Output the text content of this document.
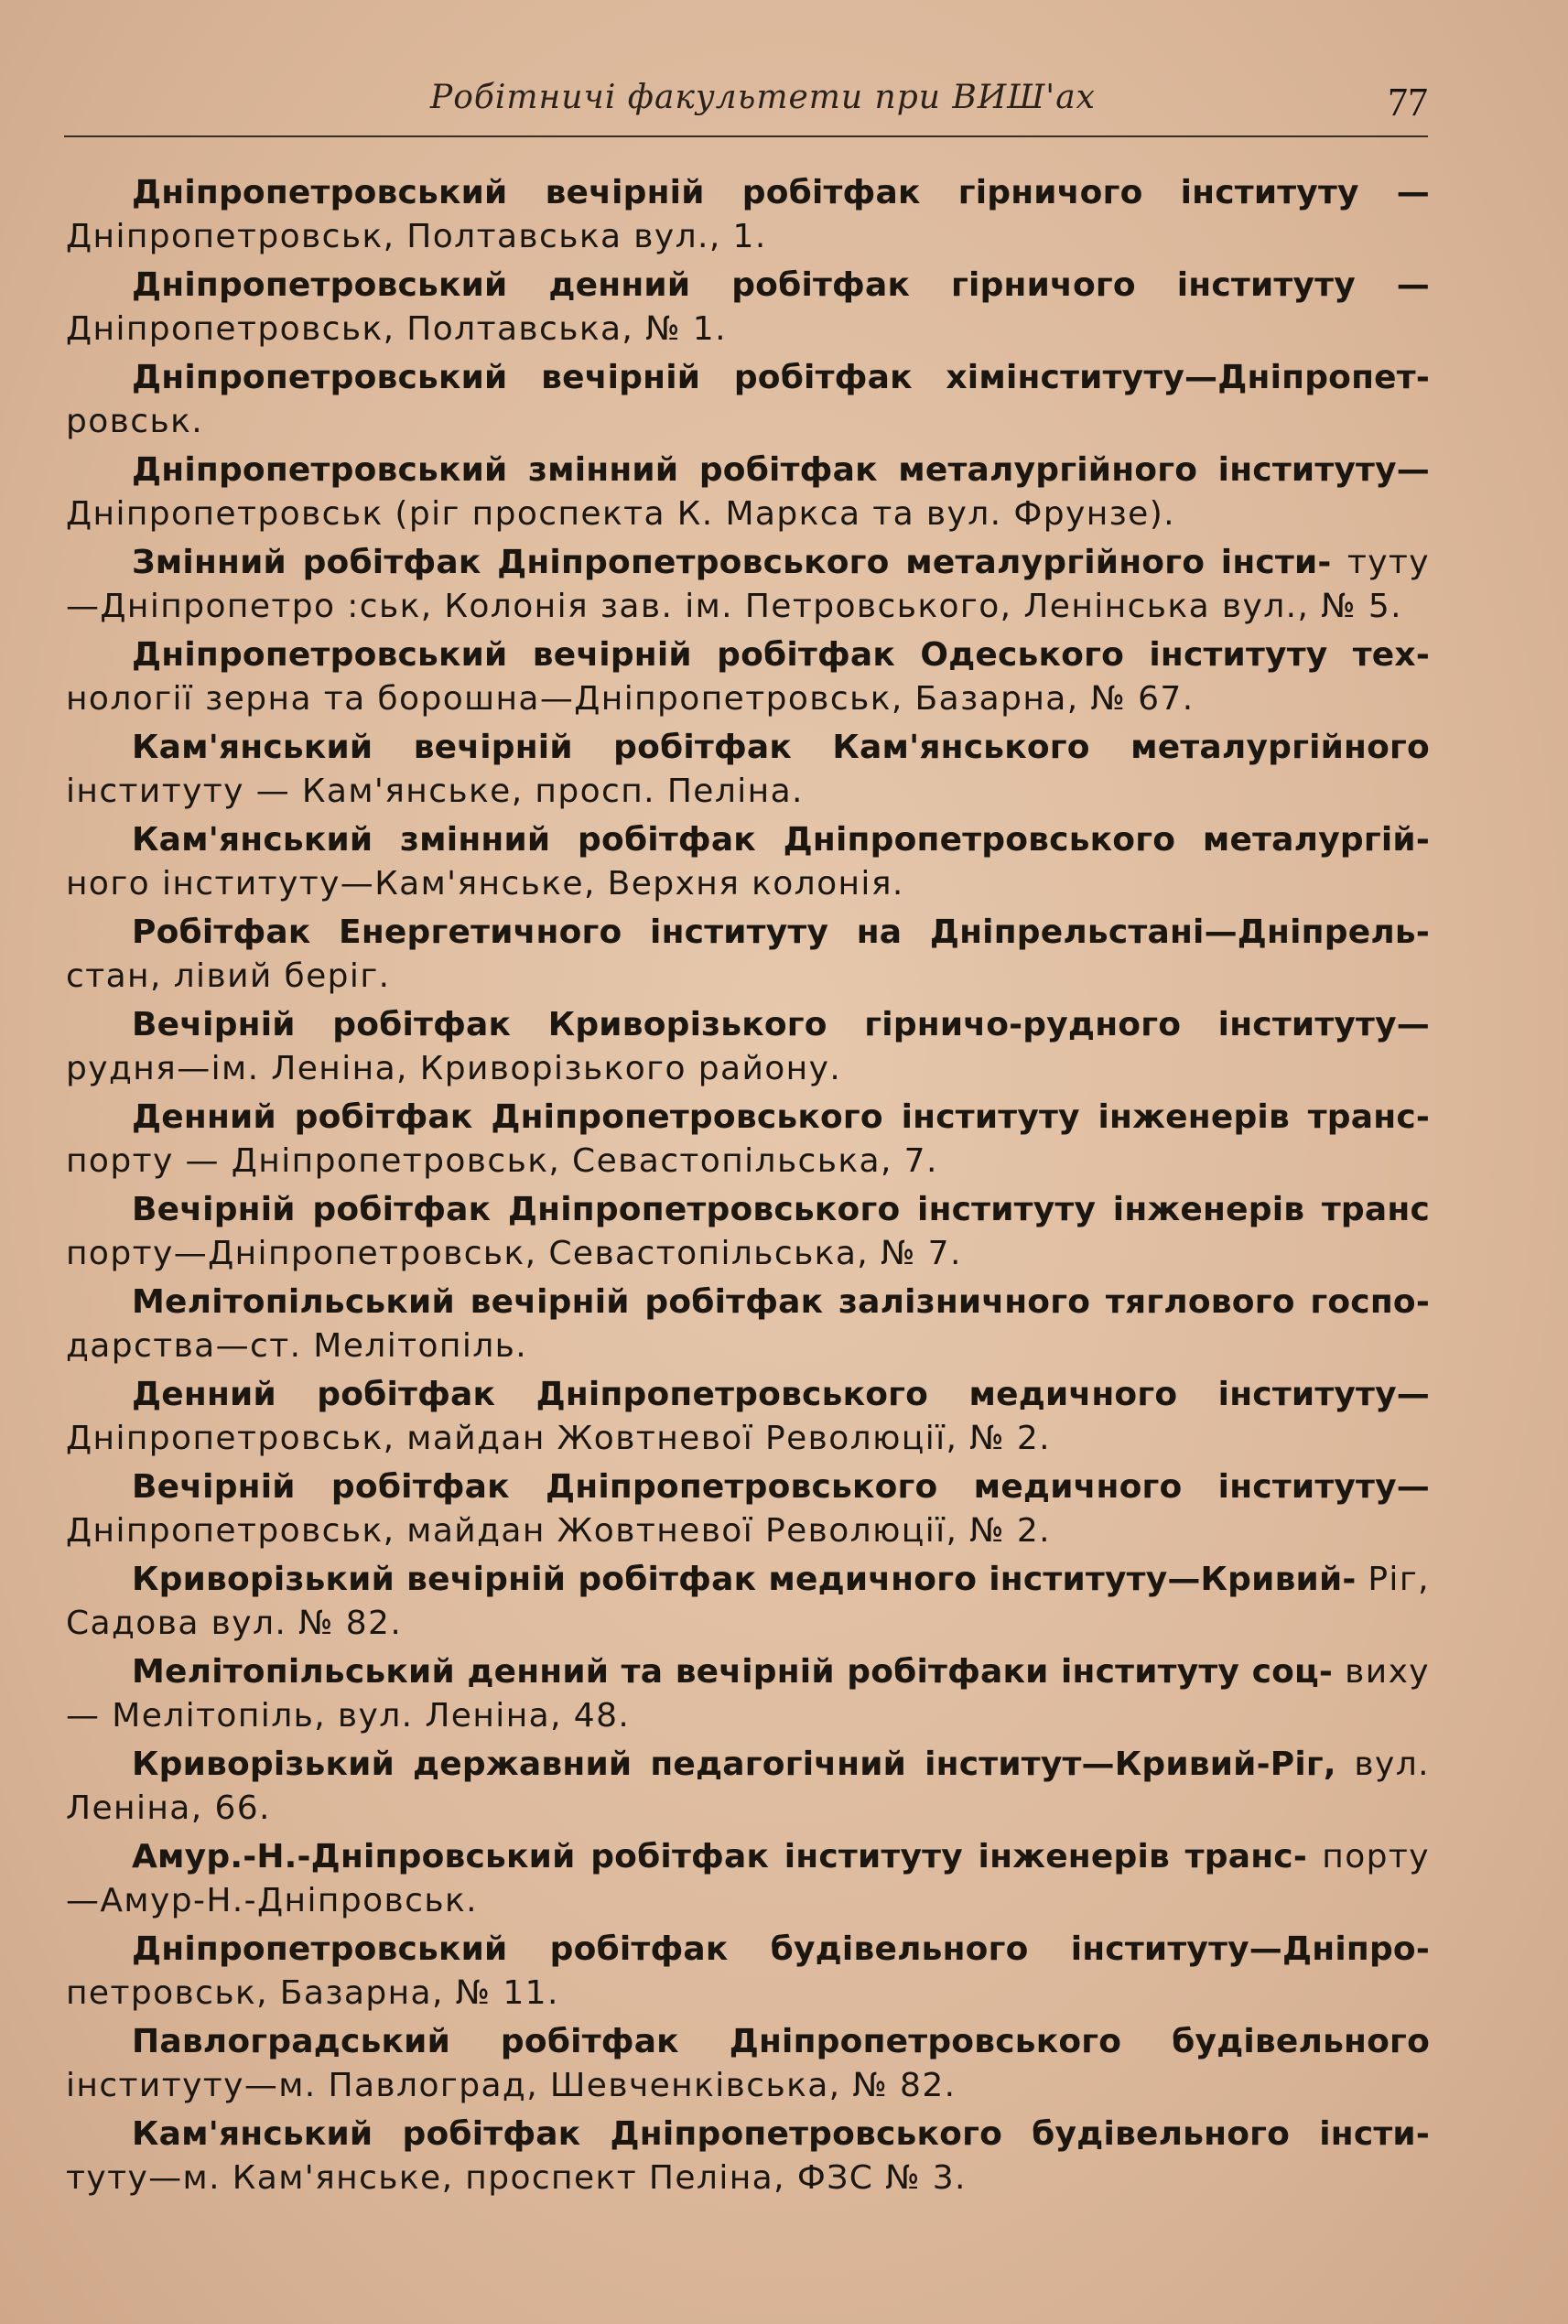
Робітничі факультети при ВИШ'ах	77

Дніпропетровський вечірній робітфак гірничого інституту — Дніпропетровськ, Полтавська вул., 1.

Дніпропетровський денний робітфак гірничого інституту — Дніпропетровськ, Полтавська, № 1.

Дніпропетровський вечірній робітфак хімінституту—Дніпропет- ровськ.

Дніпропетровський змінний робітфак металургійного інституту— Дніпропетровськ (ріг проспекта К. Маркса та вул. Фрунзе).

Змінний робітфак Дніпропетровського металургійного інсти- туту—Дніпропетро :ськ, Колонія зав. ім. Петровського, Ленінська вул., № 5.

Дніпропетровський вечірній робітфак Одеського інституту тех- нології зерна та борошна—Дніпропетровськ, Базарна, № 67.

Кам'янський вечірній робітфак Кам'янського металургійного інституту — Кам'янське, просп. Пеліна.

Кам'янський змінний робітфак Дніпропетровського металургій- ного інституту—Кам'янське, Верхня колонія.

Робітфак Енергетичного інституту на Дніпрельстані—Дніпрель- стан, лівий беріг.

Вечірній робітфак Криворізького гірничо-рудного інституту— рудня—ім. Леніна, Криворізького району.

Денний робітфак Дніпропетровського інституту інженерів транс- порту — Дніпропетровськ, Севастопільська, 7.

Вечірній робітфак Дніпропетровського інституту інженерів транс порту—Дніпропетровськ, Севастопільська, № 7.

Мелітопільський вечірній робітфак залізничного тяглового госпо- дарства—ст. Мелітопіль.

Денний робітфак Дніпропетровського медичного інституту— Дніпропетровськ, майдан Жовтневої Революції, № 2.

Вечірній робітфак Дніпропетровського медичного інституту— Дніпропетровськ, майдан Жовтневої Революції, № 2.

Криворізький вечірній робітфак медичного інституту—Кривий- Ріг, Садова вул. № 82.

Мелітопільський денний та вечірній робітфаки інституту соц- виху — Мелітопіль, вул. Леніна, 48.

Криворізький державний педагогічний інститут—Кривий-Ріг, вул. Леніна, 66.

Амур.-Н.-Дніпровський робітфак інституту інженерів транс- порту—Амур-Н.-Дніпровськ.

Дніпропетровський робітфак будівельного інституту—Дніпро- петровськ, Базарна, № 11.

Павлоградський робітфак Дніпропетровського будівельного інституту—м. Павлоград, Шевченківська, № 82.

Кам'янський робітфак Дніпропетровського будівельного інсти- туту—м. Кам'янське, проспект Пеліна, ФЗС № 3.
